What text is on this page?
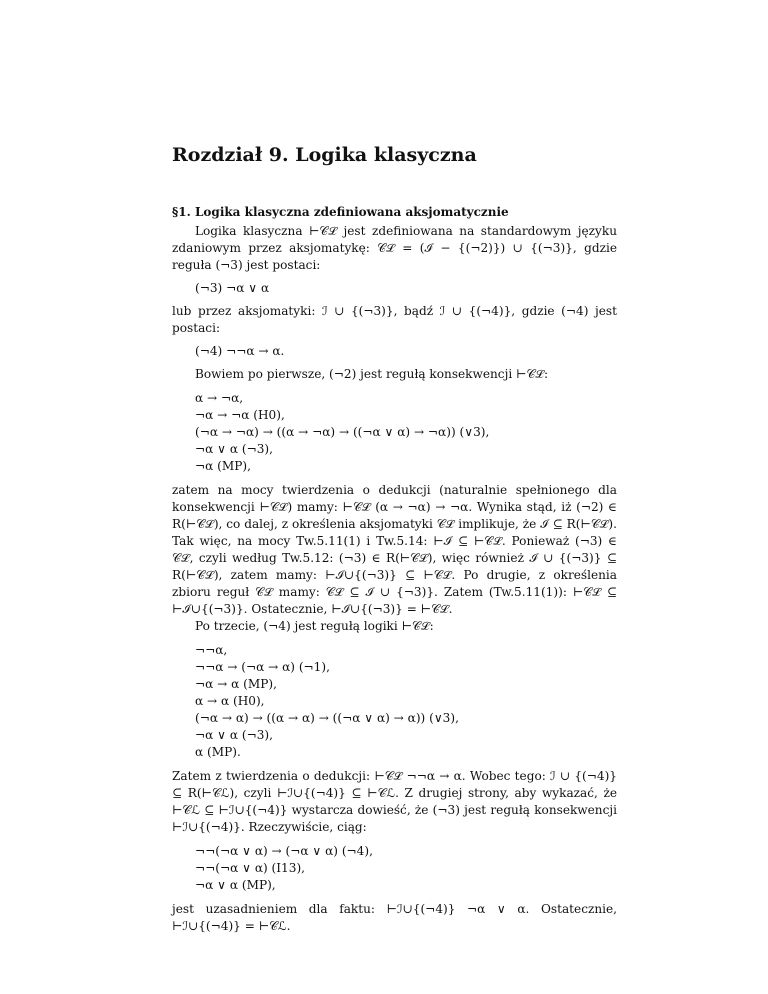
Rozdział 9. Logika klasyczna
§1. Logika klasyczna zdefiniowana aksjomatycznie

Logika klasyczna ⊢𝒞ℒ jest zdefiniowana na standardowym języku zdaniowym przez aksjomatykę: 𝒞ℒ = (ℐ − {(¬2)}) ∪ {(¬3)}, gdzie reguła (¬3) jest postaci:

(¬3) ¬α ∨ α

lub przez aksjomatyki: ℐ ∪ {(¬3)}, bądź ℐ ∪ {(¬4)}, gdzie (¬4) jest postaci:

(¬4) ¬¬α → α.

Bowiem po pierwsze, (¬2) jest regułą konsekwencji ⊢𝒞ℒ:

α → ¬α,
¬α → ¬α (H0),
(¬α → ¬α) → ((α → ¬α) → ((¬α ∨ α) → ¬α)) (∨3),
¬α ∨ α (¬3),
¬α (MP),

zatem na mocy twierdzenia o dedukcji (naturalnie spełnionego dla konsekwencji ⊢𝒞ℒ) mamy: ⊢𝒞ℒ (α → ¬α) → ¬α. Wynika stąd, iż (¬2) ∈ R(⊢𝒞ℒ), co dalej, z określenia aksjomatyki 𝒞ℒ implikuje, że ℐ ⊆ R(⊢𝒞ℒ). Tak więc, na mocy Tw.5.11(1) i Tw.5.14: ⊢ℐ ⊆ ⊢𝒞ℒ. Ponieważ (¬3) ∈ 𝒞ℒ, czyli według Tw.5.12: (¬3) ∈ R(⊢𝒞ℒ), więc również ℐ ∪ {(¬3)} ⊆ R(⊢𝒞ℒ), zatem mamy: ⊢ℐ∪{(¬3)} ⊆ ⊢𝒞ℒ. Po drugie, z określenia zbioru reguł 𝒞ℒ mamy: 𝒞ℒ ⊆ ℐ ∪ {¬3)}. Zatem (Tw.5.11(1)): ⊢𝒞ℒ ⊆ ⊢ℐ∪{(¬3)}. Ostatecznie, ⊢ℐ∪{(¬3)} = ⊢𝒞ℒ.

Po trzecie, (¬4) jest regułą logiki ⊢𝒞ℒ:

¬¬α,
¬¬α → (¬α → α) (¬1),
¬α → α (MP),
α → α (H0),
(¬α → α) → ((α → α) → ((¬α ∨ α) → α)) (∨3),
¬α ∨ α (¬3),
α (MP).

Zatem z twierdzenia o dedukcji: ⊢𝒞ℒ ¬¬α → α. Wobec tego: ℐ ∪ {(¬4)} ⊆ R(⊢𝒞ℒ), czyli ⊢ℐ∪{(¬4)} ⊆ ⊢𝒞ℒ. Z drugiej strony, aby wykazać, że ⊢𝒞ℒ ⊆ ⊢ℐ∪{(¬4)} wystarcza dowieść, że (¬3) jest regułą konsekwencji ⊢ℐ∪{(¬4)}. Rzeczywiście, ciąg:

¬¬(¬α ∨ α) → (¬α ∨ α) (¬4),
¬¬(¬α ∨ α) (I13),
¬α ∨ α (MP),

jest uzasadnieniem dla faktu: ⊢ℐ∪{(¬4)} ¬α ∨ α. Ostatecznie, ⊢ℐ∪{(¬4)} = ⊢𝒞ℒ.
